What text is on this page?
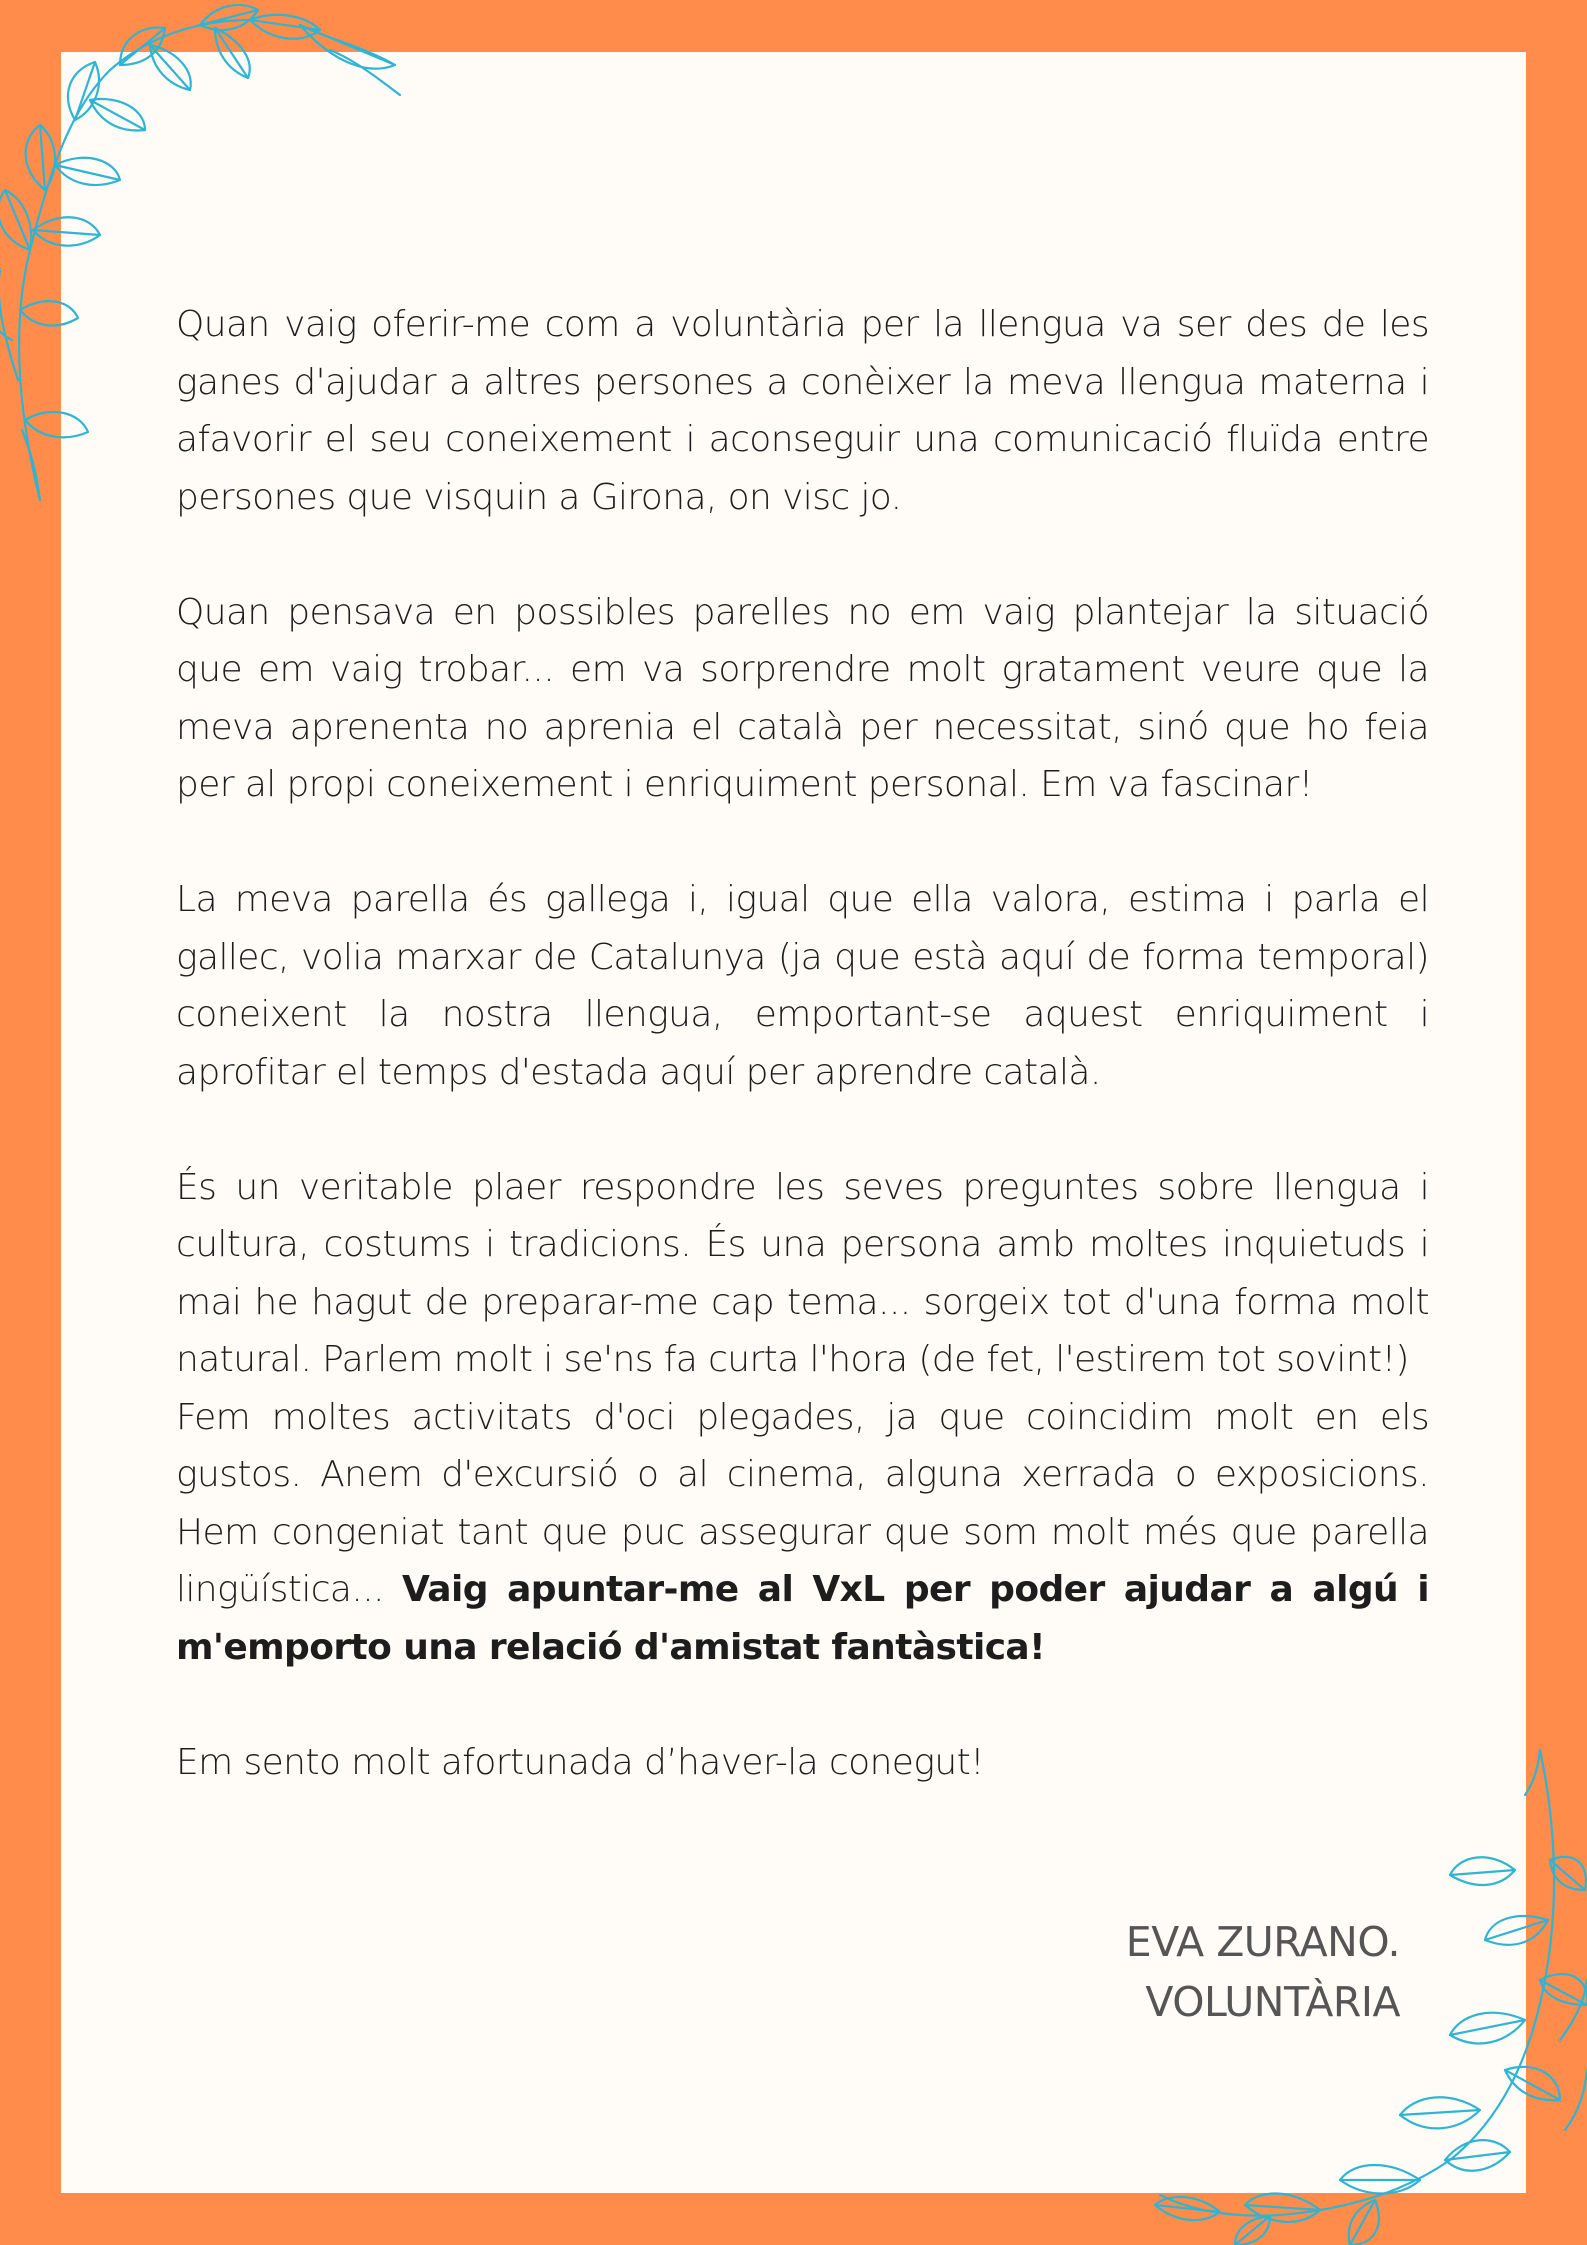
Quan vaig oferir-me com a voluntària per la llengua va ser des de les ganes d'ajudar a altres persones a conèixer la meva llengua materna i afavorir el seu coneixement i aconseguir una comunicació fluïda entre persones que visquin a Girona, on visc jo.

Quan pensava en possibles parelles no em vaig plantejar la situació que em vaig trobar... em va sorprendre molt gratament veure que la meva aprenenta no aprenia el català per necessitat, sinó que ho feia per al propi coneixement i enriquiment personal. Em va fascinar!

La meva parella és gallega i, igual que ella valora, estima i parla el gallec, volia marxar de Catalunya (ja que està aquí de forma temporal) coneixent la nostra llengua, emportant-se aquest enriquiment i aprofitar el temps d'estada aquí per aprendre català.

És un veritable plaer respondre les seves preguntes sobre llengua i cultura, costums i tradicions. És una persona amb moltes inquietuds i mai he hagut de preparar-me cap tema... sorgeix tot d'una forma molt natural. Parlem molt i se'ns fa curta l'hora (de fet, l'estirem tot sovint!)

Fem moltes activitats d'oci plegades, ja que coincidim molt en els gustos. Anem d'excursió o al cinema, alguna xerrada o exposicions. Hem congeniat tant que puc assegurar que som molt més que parella lingüística... Vaig apuntar-me al VxL per poder ajudar a algú i m'emporto una relació d'amistat fantàstica!

Em sento molt afortunada d’haver-la conegut!

EVA ZURANO. VOLUNTÀRIA
